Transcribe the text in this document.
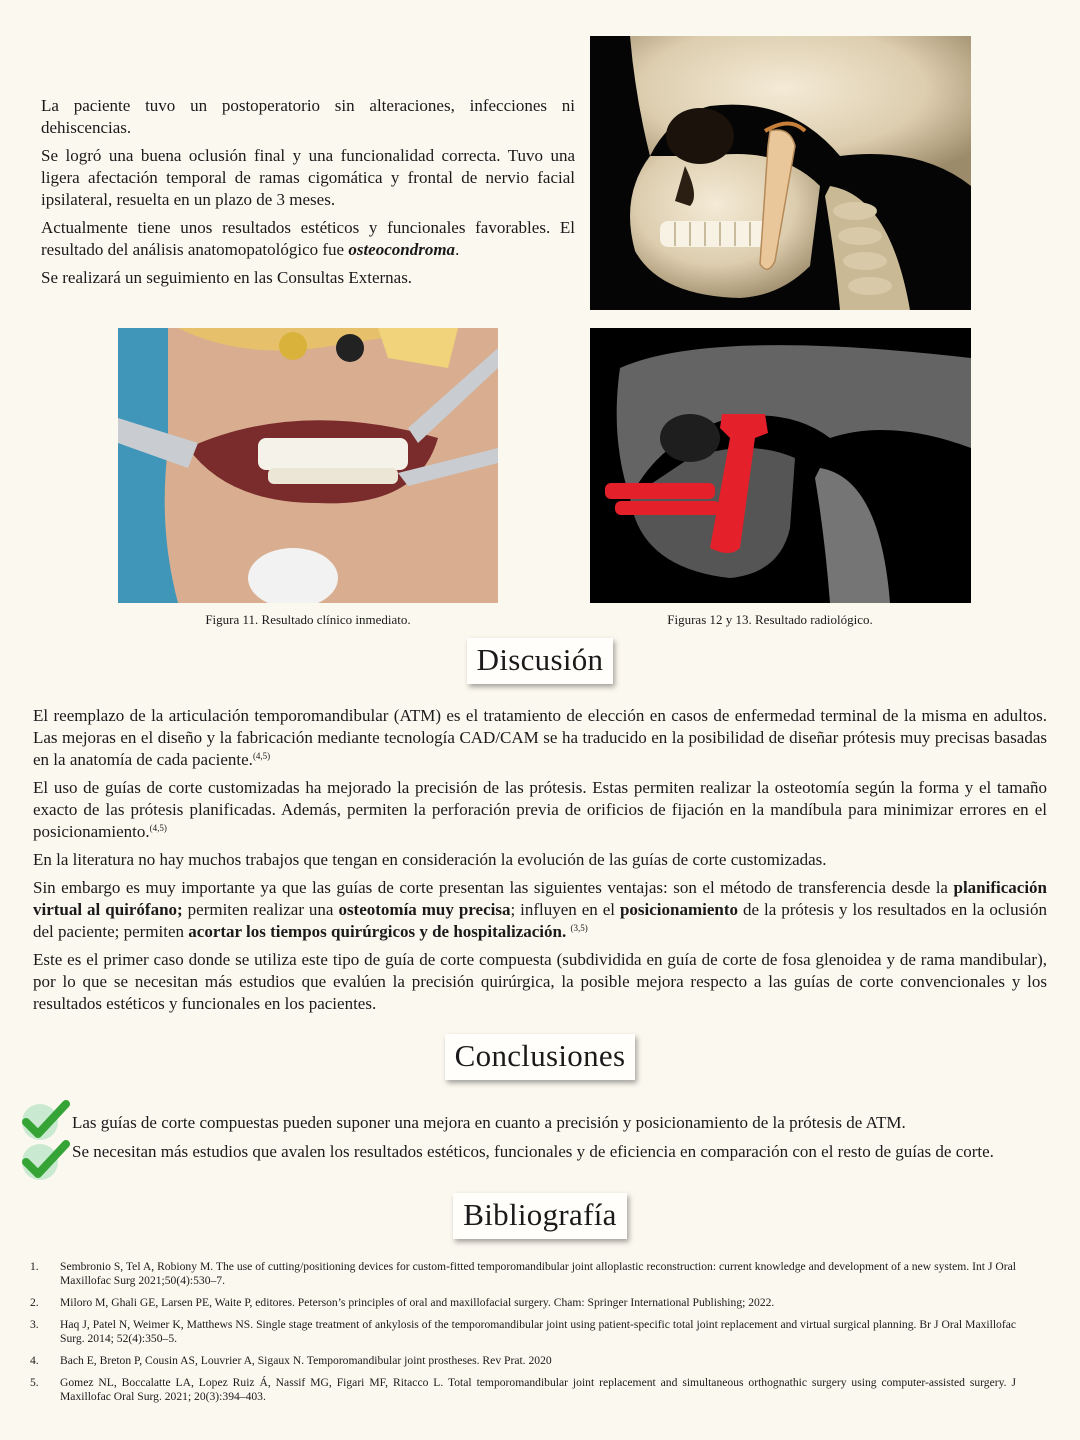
La paciente tuvo un postoperatorio sin alteraciones, infecciones ni dehiscencias.

Se logró una buena oclusión final y una funcionalidad correcta. Tuvo una ligera afectación temporal de ramas cigomática y frontal de nervio facial ipsilateral, resuelta en un plazo de 3 meses.

Actualmente tiene unos resultados estéticos y funcionales favorables. El resultado del análisis anatomopatológico fue osteocondroma.

Se realizará un seguimiento en las Consultas Externas.

Figura 11. Resultado clínico inmediato.	Figuras 12 y 13. Resultado radiológico.
Discusión

El reemplazo de la articulación temporomandibular (ATM) es el tratamiento de elección en casos de enfermedad terminal de la misma en adultos. Las mejoras en el diseño y la fabricación mediante tecnología CAD/CAM se ha traducido en la posibilidad de diseñar prótesis muy precisas basadas en la anatomía de cada paciente.$^{(4,5)}$

El uso de guías de corte customizadas ha mejorado la precisión de las prótesis. Estas permiten realizar la osteotomía según la forma y el tamaño exacto de las prótesis planificadas. Además, permiten la perforación previa de orificios de fijación en la mandíbula para minimizar errores en el posicionamiento.$^{(4,5)}$

En la literatura no hay muchos trabajos que tengan en consideración la evolución de las guías de corte customizadas.

Sin embargo es muy importante ya que las guías de corte presentan las siguientes ventajas: son el método de transferencia desde la planificación virtual al quirófano; permiten realizar una osteotomía muy precisa; influyen en el posicionamiento de la prótesis y los resultados en la oclusión del paciente; permiten acortar los tiempos quirúrgicos y de hospitalización. $^{(3,5)}$

Este es el primer caso donde se utiliza este tipo de guía de corte compuesta (subdividida en guía de corte de fosa glenoidea y de rama mandibular), por lo que se necesitan más estudios que evalúen la precisión quirúrgica, la posible mejora respecto a las guías de corte convencionales y los resultados estéticos y funcionales en los pacientes.

Conclusiones
Las guías de corte compuestas pueden suponer una mejora en cuanto a precisión y posicionamiento de la prótesis de ATM.
Se necesitan más estudios que avalen los resultados estéticos, funcionales y de eficiencia en comparación con el resto de guías de corte.
Bibliografía
1. Sembronio S, Tel A, Robiony M. The use of cutting/positioning devices for custom-fitted temporomandibular joint alloplastic reconstruction: current knowledge and development of a new system. Int J Oral Maxillofac Surg 2021;50(4):530–7.
2. Miloro M, Ghali GE, Larsen PE, Waite P, editores. Peterson’s principles of oral and maxillofacial surgery. Cham: Springer International Publishing; 2022.
3. Haq J, Patel N, Weimer K, Matthews NS. Single stage treatment of ankylosis of the temporomandibular joint using patient-specific total joint replacement and virtual surgical planning. Br J Oral Maxillofac Surg. 2014; 52(4):350–5.
4. Bach E, Breton P, Cousin AS, Louvrier A, Sigaux N. Temporomandibular joint prostheses. Rev Prat. 2020
5. Gomez NL, Boccalatte LA, Lopez Ruiz Á, Nassif MG, Figari MF, Ritacco L. Total temporomandibular joint replacement and simultaneous orthognathic surgery using computer-assisted surgery. J Maxillofac Oral Surg. 2021; 20(3):394–403.
